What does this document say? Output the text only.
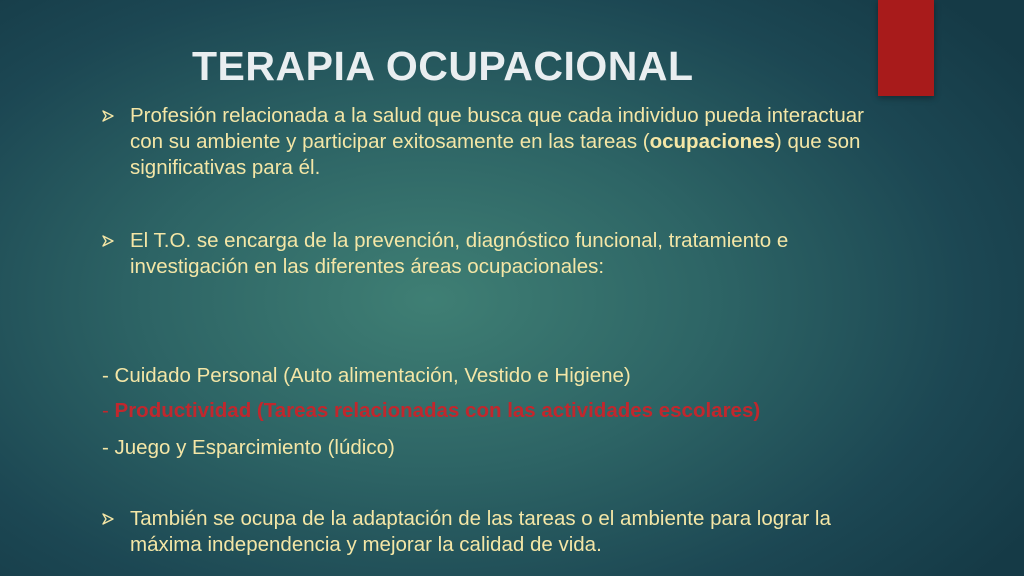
TERAPIA OCUPACIONAL
Profesión relacionada a la salud que busca que cada individuo pueda interactuar con su ambiente y participar exitosamente en las tareas (ocupaciones) que son significativas para él.
El T.O. se encarga de la prevención, diagnóstico funcional, tratamiento e investigación en las diferentes áreas ocupacionales:
- Cuidado Personal (Auto alimentación, Vestido e Higiene)
- Productividad (Tareas relacionadas con las actividades escolares)
- Juego y Esparcimiento (lúdico)
También se ocupa de la adaptación de las tareas o el ambiente para lograr la máxima independencia y mejorar la calidad de vida.
